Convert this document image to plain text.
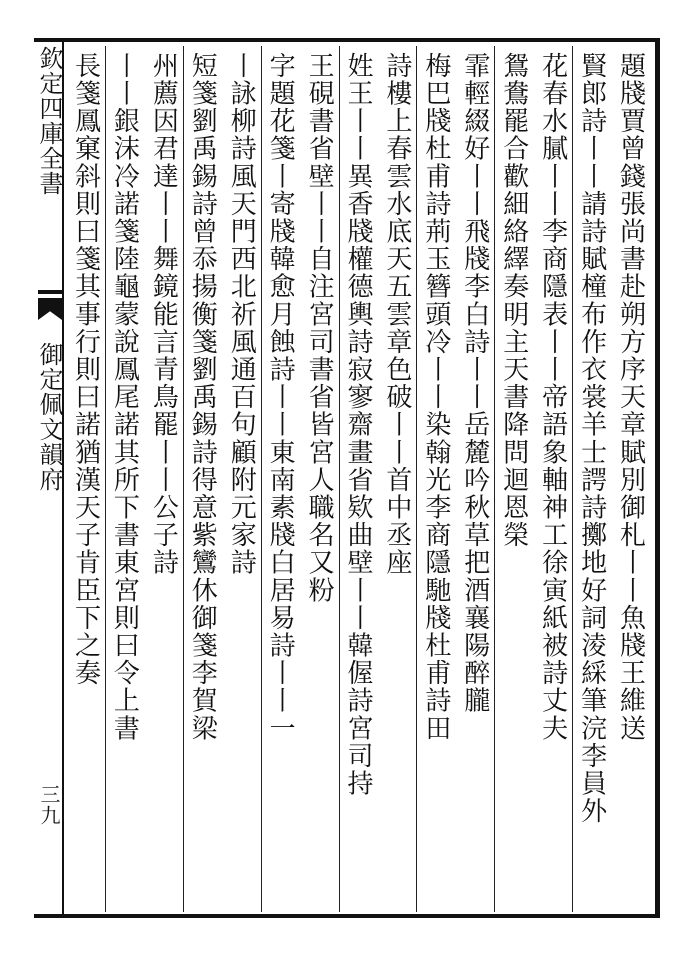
欽定四庫全書
御定佩文韻府
三九
題牋賈曾錢張尚書赴朔方序天章賦別御札丨丨魚牋王維送
賢郎詩丨丨請詩賦橦布作衣裳羊士諤詩擲地好詞淩綵筆浣李員外
花春水膩丨丨李商隱表丨丨帝語象軸神工徐寅紙被詩丈夫
鴛鴦罷合歡細絡繹奏明主天書降問迴恩榮
霏輕綴好丨丨飛牋李白詩丨丨岳麓吟秋草把酒襄陽醉朧
梅巴牋杜甫詩荊玉簪頭冷丨丨染翰光李商隱馳牋杜甫詩田
詩樓上春雲水底天五雲章色破丨丨首中丞座
姓王丨丨異香牋權德輿詩寂寥齋畫省欵曲壁丨丨韓偓詩宮司持
王硯書省壁丨丨自注宮司書省皆宮人職名又粉
字題花箋丨寄牋韓愈月蝕詩丨丨東南素牋白居易詩丨丨一
丨詠柳詩風天門西北祈風通百句顧附元家詩
短箋劉禹錫詩曾忝揚衡箋劉禹錫詩得意紫鸞休御箋李賀梁
州薦因君達丨丨舞鏡能言青鳥罷丨丨公子詩
丨丨銀沫冷諾箋陸龜蒙說鳳尾諾其所下書東宮則曰令上書
長箋鳳窠斜則曰箋其事行則曰諾猶漢天子肯臣下之奏
